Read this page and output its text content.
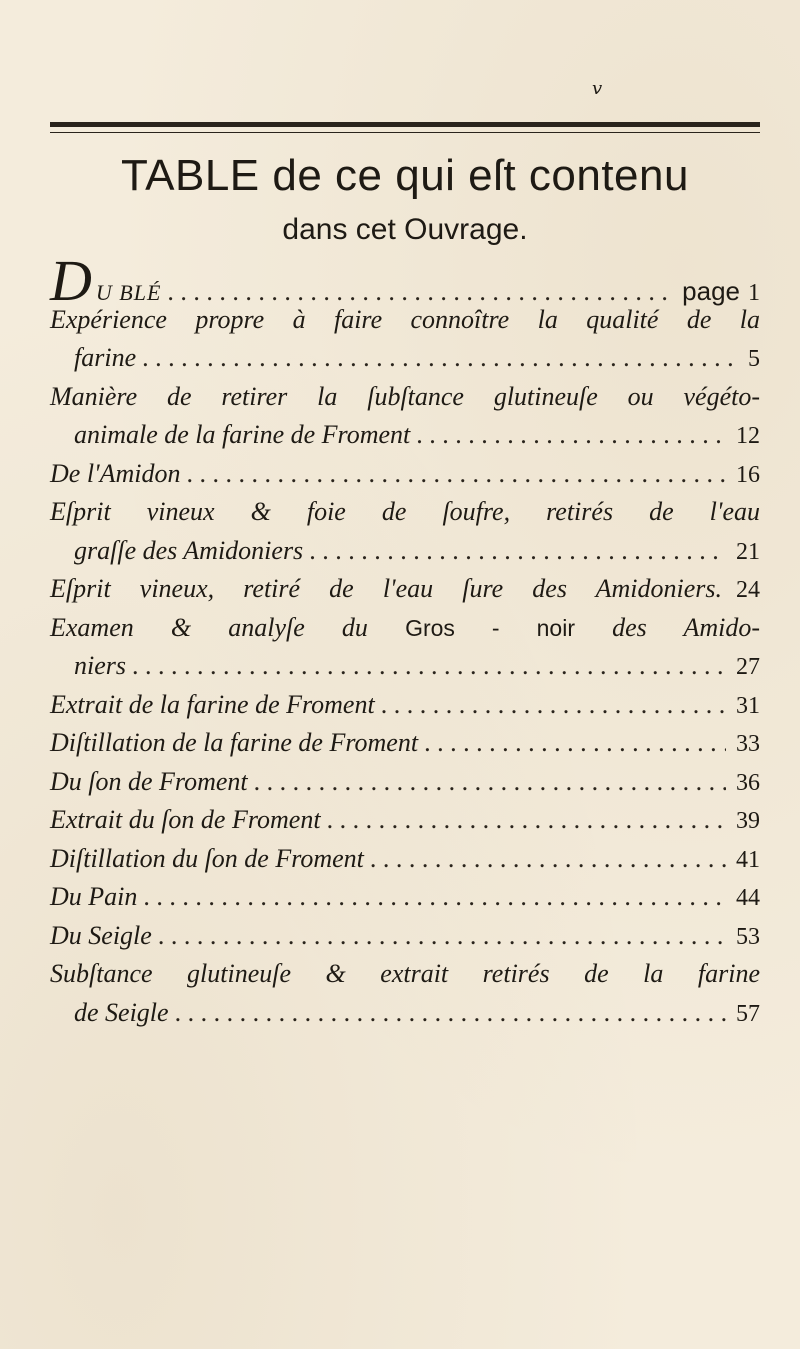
v
TABLE de ce qui eſt contenu
dans cet Ouvrage.
D U BLÉ . . .	page 1
Expérience propre à faire connoître la qualité de la
farine . . .	5
Manière de retirer la ſubſtance glutineuſe ou végéto-
animale de la farine de Froment . . .	12
De l'Amidon . . .	16
Eſprit vineux & foie de ſoufre, retirés de l'eau
graſſe des Amidoniers . . .	21
Eſprit vineux, retiré de l'eau ſure des Amidoniers. 24
Examen & analyſe du Gros - noir des Amido-
niers . . .	27
Extrait de la farine de Froment . . .	31
Diſtillation de la farine de Froment . . .	33
Du ſon de Froment . . .	36
Extrait du ſon de Froment . . .	39
Diſtillation du ſon de Froment . . .	41
Du Pain . . .	44
Du Seigle . . .	53
Subſtance glutineuſe & extrait retirés de la farine
de Seigle . . .	57
